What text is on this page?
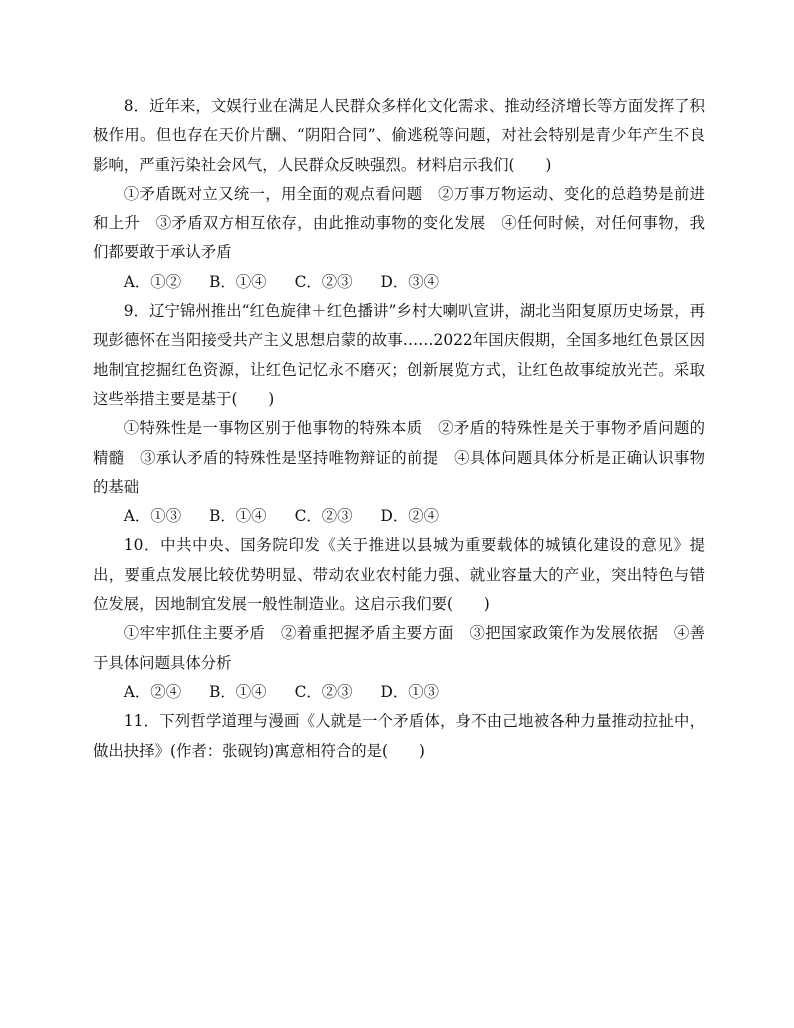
8．近年来，文娱行业在满足人民群众多样化文化需求、推动经济增长等方面发挥了积极作用。但也存在天价片酬、“阴阳合同”、偷逃税等问题，对社会特别是青少年产生不良影响，严重污染社会风气，人民群众反映强烈。材料启示我们(　　)

①矛盾既对立又统一，用全面的观点看问题　②万事万物运动、变化的总趋势是前进和上升　③矛盾双方相互依存，由此推动事物的变化发展　④任何时候，对任何事物，我们都要敢于承认矛盾

A．①② B．①④ C．②③ D．③④

9．辽宁锦州推出“红色旋律＋红色播讲”乡村大喇叭宣讲，湖北当阳复原历史场景，再现彭德怀在当阳接受共产主义思想启蒙的故事……2022年国庆假期，全国多地红色景区因地制宜挖掘红色资源，让红色记忆永不磨灭；创新展览方式，让红色故事绽放光芒。采取这些举措主要是基于(　　)

①特殊性是一事物区别于他事物的特殊本质　②矛盾的特殊性是关于事物矛盾问题的精髓　③承认矛盾的特殊性是坚持唯物辩证的前提　④具体问题具体分析是正确认识事物的基础

A．①③ B．①④ C．②③ D．②④

10．中共中央、国务院印发《关于推进以县城为重要载体的城镇化建设的意见》提出，要重点发展比较优势明显、带动农业农村能力强、就业容量大的产业，突出特色与错位发展，因地制宜发展一般性制造业。这启示我们要(　　)

①牢牢抓住主要矛盾　②着重把握矛盾主要方面　③把国家政策作为发展依据　④善于具体问题具体分析

A．②④ B．①④ C．②③ D．①③

11．下列哲学道理与漫画《人就是一个矛盾体，身不由己地被各种力量推动拉扯中，做出抉择》(作者：张砚钧)寓意相符合的是(　　)
